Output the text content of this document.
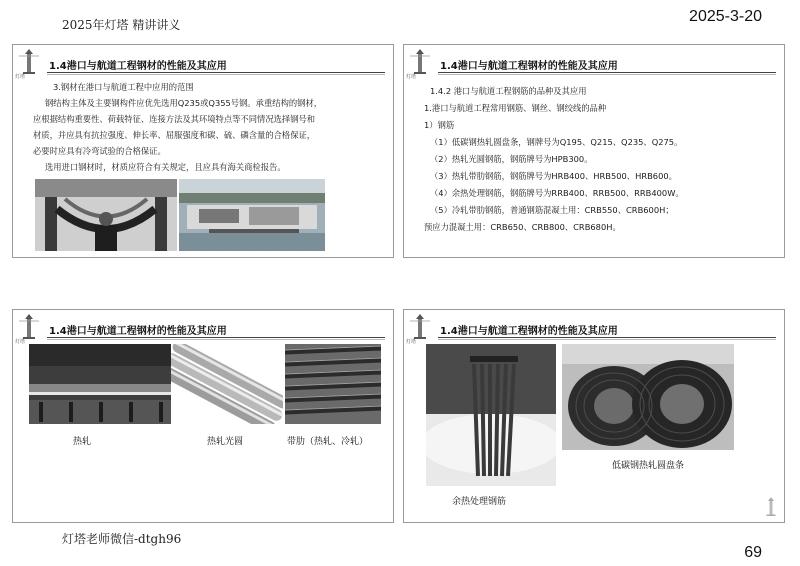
2025年灯塔 精讲讲义	2025-3-20
灯塔
1.4港口与航道工程钢材的性能及其应用
3.钢材在港口与航道工程中应用的范围
钢结构主体及主要钢构件应优先选用Q235或Q355号钢。承重结构的钢材，
应根据结构重要性、荷载特征、连接方法及其环境特点等不同情况选择钢号和
材质，并应具有抗拉强度、伸长率、屈服强度和碳、硫、磷含量的合格保证，
必要时应具有冷弯试验的合格保证。
选用进口钢材时，材质应符合有关规定，且应具有海关商检报告。
灯塔
1.4港口与航道工程钢材的性能及其应用
1.4.2 港口与航道工程钢筋的品种及其应用
1.港口与航道工程常用钢筋、钢丝、钢绞线的品种
1）钢筋
（1）低碳钢热轧圆盘条，钢牌号为Q195、Q215、Q235、Q275。
（2）热轧光圆钢筋，钢筋牌号为HPB300。
（3）热轧带肋钢筋，钢筋牌号为HRB400、HRB500、HRB600。
（4）余热处理钢筋，钢筋牌号为RRB400、RRB500、RRB400W。
（5）冷轧带肋钢筋，普通钢筋混凝土用：CRB550、CRB600H；
预应力混凝土用：CRB650、CRB800、CRB680H。
灯塔
1.4港口与航道工程钢材的性能及其应用
热轧	热轧光圆	带肋（热轧、冷轧）
灯塔
1.4港口与航道工程钢材的性能及其应用
余热处理钢筋
低碳钢热轧圆盘条
灯塔老师微信-dtgh96
69
